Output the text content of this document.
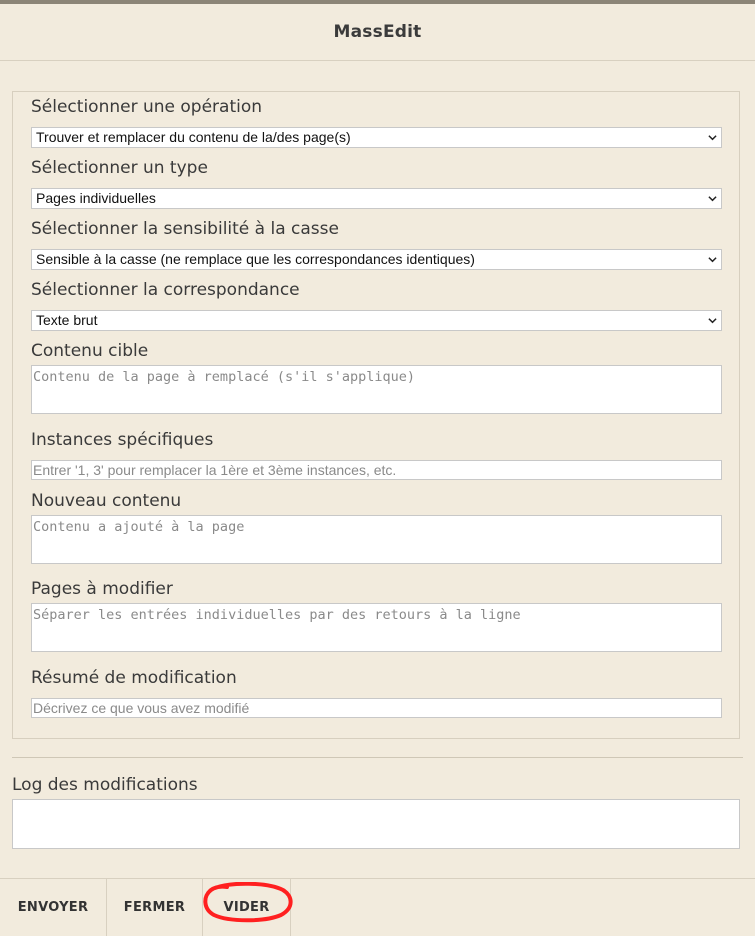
MassEdit
Sélectionner une opération
Trouver et remplacer du contenu de la/des page(s)
Sélectionner un type
Pages individuelles
Sélectionner la sensibilité à la casse
Sensible à la casse (ne remplace que les correspondances identiques)
Sélectionner la correspondance
Texte brut
Contenu cible
Contenu de la page à remplacé (s'il s'applique)
Instances spécifiques
Entrer '1, 3' pour remplacer la 1ère et 3ème instances, etc.
Nouveau contenu
Contenu a ajouté à la page
Pages à modifier
Séparer les entrées individuelles par des retours à la ligne
Résumé de modification
Décrivez ce que vous avez modifié
Log des modifications
ENVOYER	FERMER	VIDER
